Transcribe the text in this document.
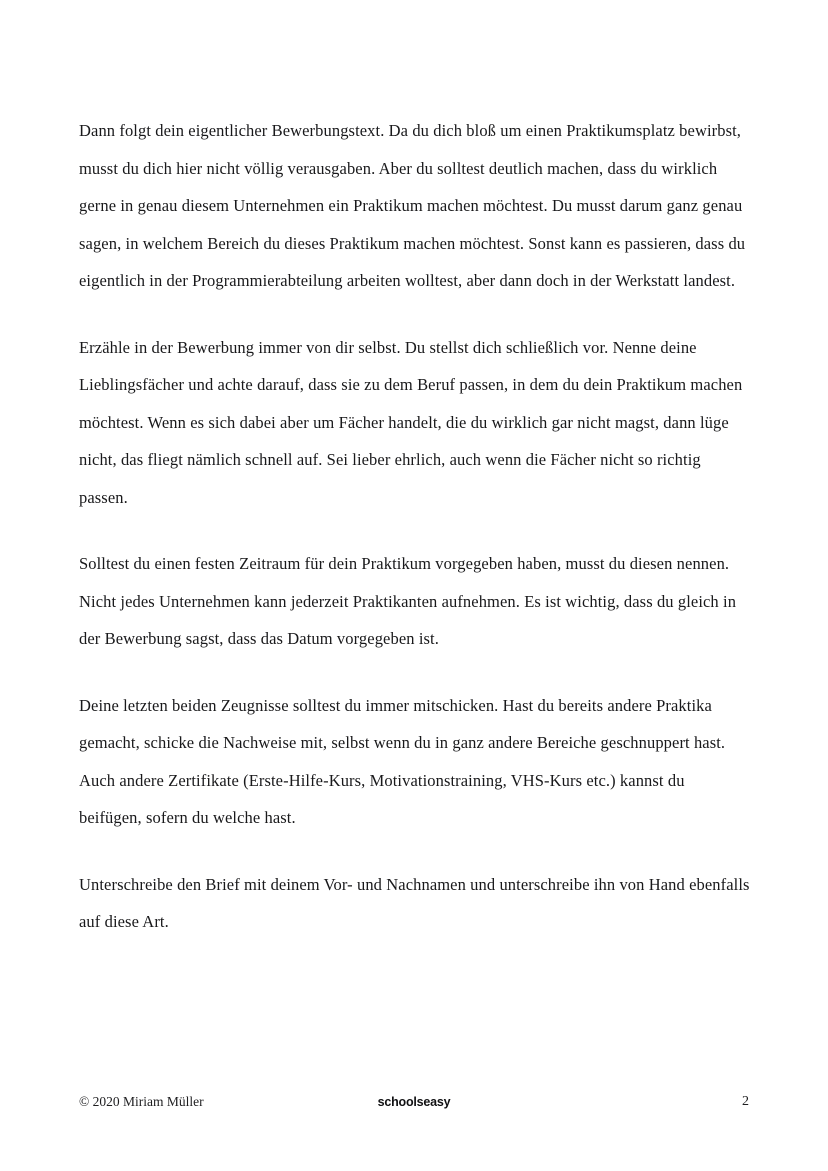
Dann folgt dein eigentlicher Bewerbungstext. Da du dich bloß um einen Praktikumsplatz bewirbst, musst du dich hier nicht völlig verausgaben. Aber du solltest deutlich machen, dass du wirklich gerne in genau diesem Unternehmen ein Praktikum machen möchtest. Du musst darum ganz genau sagen, in welchem Bereich du dieses Praktikum machen möchtest. Sonst kann es passieren, dass du eigentlich in der Programmierabteilung arbeiten wolltest, aber dann doch in der Werkstatt landest.

Erzähle in der Bewerbung immer von dir selbst. Du stellst dich schließlich vor. Nenne deine Lieblingsfächer und achte darauf, dass sie zu dem Beruf passen, in dem du dein Praktikum machen möchtest. Wenn es sich dabei aber um Fächer handelt, die du wirklich gar nicht magst, dann lüge nicht, das fliegt nämlich schnell auf. Sei lieber ehrlich, auch wenn die Fächer nicht so richtig passen.

Solltest du einen festen Zeitraum für dein Praktikum vorgegeben haben, musst du diesen nennen. Nicht jedes Unternehmen kann jederzeit Praktikanten aufnehmen. Es ist wichtig, dass du gleich in der Bewerbung sagst, dass das Datum vorgegeben ist.

Deine letzten beiden Zeugnisse solltest du immer mitschicken. Hast du bereits andere Praktika gemacht, schicke die Nachweise mit, selbst wenn du in ganz andere Bereiche geschnuppert hast. Auch andere Zertifikate (Erste-Hilfe-Kurs, Motivationstraining, VHS-Kurs etc.) kannst du beifügen, sofern du welche hast.

Unterschreibe den Brief mit deinem Vor- und Nachnamen und unterschreibe ihn von Hand ebenfalls auf diese Art.

© 2020 Miriam Müller	schoolseasy	2
